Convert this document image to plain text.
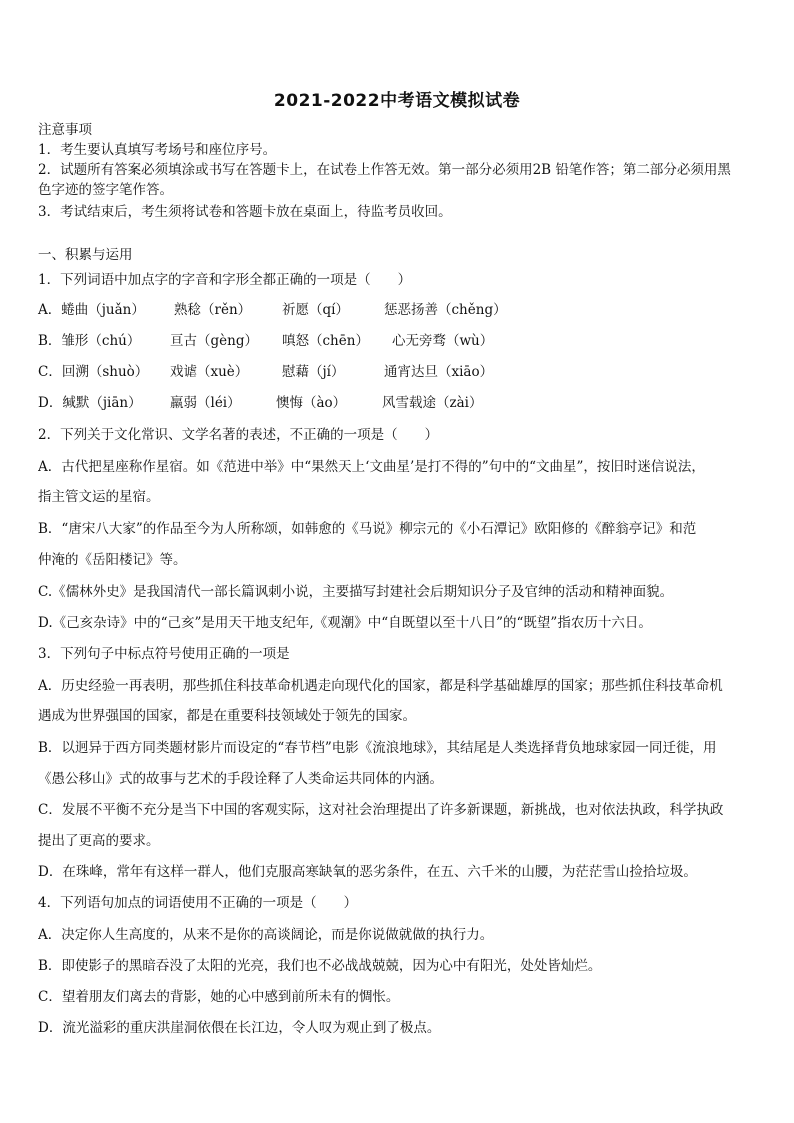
2021-2022中考语文模拟试卷
注意事项
1．考生要认真填写考场号和座位序号。
2．试题所有答案必须填涂或书写在答题卡上，在试卷上作答无效。第一部分必须用2B 铅笔作答；第二部分必须用黑
色字迹的签字笔作答。
3．考试结束后，考生须将试卷和答题卡放在桌面上，待监考员收回。
一、积累与运用
1．下列词语中加点字的字音和字形全都正确的一项是（　　）
A．蜷曲（juǎn） 熟稔（rěn） 祈愿（qí）	惩恶扬善（chěng）
B．雏形（chú） 亘古（gèng） 嗔怒（chēn） 心无旁骛（wù）
C．回溯（shuò） 戏谑（xuè） 慰藉（jí）	通宵达旦（xiāo）
D．缄默（jiān） 羸弱（léi）	懊悔（ào）	风雪载途（zài）
2．下列关于文化常识、文学名著的表述，不正确的一项是（　　）
A．古代把星座称作星宿。如《范进中举》中“果然天上‘文曲星’是打不得的”句中的“文曲星”，按旧时迷信说法，
指主管文运的星宿。
B．“唐宋八大家”的作品至今为人所称颂，如韩愈的《马说》柳宗元的《小石潭记》欧阳修的《醉翁亭记》和范
仲淹的《岳阳楼记》等。
C.《儒林外史》是我国清代一部长篇讽刺小说，主要描写封建社会后期知识分子及官绅的活动和精神面貌。
D.《己亥杂诗》中的“己亥”是用天干地支纪年,《观潮》中“自既望以至十八日”的“既望”指农历十六日。
3．下列句子中标点符号使用正确的一项是
A．历史经验一再表明，那些抓住科技革命机遇走向现代化的国家，都是科学基础雄厚的国家；那些抓住科技革命机
遇成为世界强国的国家，都是在重要科技领域处于领先的国家。
B．以迥异于西方同类题材影片而设定的“春节档”电影《流浪地球》，其结尾是人类选择背负地球家园一同迁徙，用
《愚公移山》式的故事与艺术的手段诠释了人类命运共同体的内涵。
C．发展不平衡不充分是当下中国的客观实际，这对社会治理提出了许多新课题，新挑战，也对依法执政，科学执政
提出了更高的要求。
D．在珠峰，常年有这样一群人，他们克服高寒缺氧的恶劣条件，在五、六千米的山腰，为茫茫雪山捡拾垃圾。
4．下列语句加点的词语使用不正确的一项是（　　）
A．决定你人生高度的，从来不是你的高谈阔论，而是你说做就做的执行力。
B．即使影子的黑暗吞没了太阳的光亮，我们也不必战战兢兢，因为心中有阳光，处处皆灿烂。
C．望着朋友们离去的背影，她的心中感到前所未有的惆怅。
D．流光溢彩的重庆洪崖洞依偎在长江边，令人叹为观止到了极点。
